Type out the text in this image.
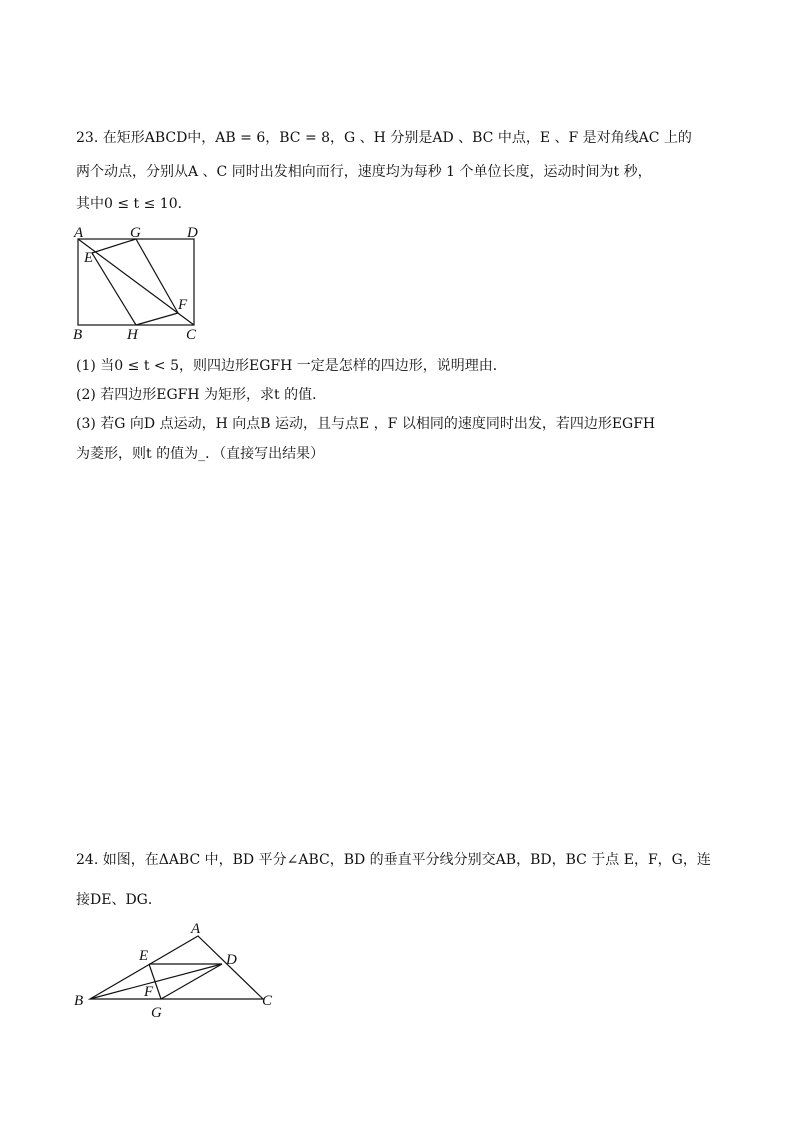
23. 在矩形ABCD中，AB = 6，BC = 8，G 、H 分别是AD 、BC 中点，E 、F 是对角线AC 上的
两个动点，分别从A 、C 同时出发相向而行，速度均为每秒 1 个单位长度，运动时间为t 秒，
其中0 ≤ t ≤ 10．
A	G	D
E
F
B	H	C
A
E	D
F
B
G
C
(1) 当0 ≤ t < 5，则四边形EGFH 一定是怎样的四边形，说明理由．
(2) 若四边形EGFH 为矩形，求t 的值．
(3) 若G 向D 点运动，H 向点B 运动，且与点E ，F 以相同的速度同时出发，若四边形EGFH
为菱形，则t 的值为_．（直接写出结果）
24. 如图，在ΔABC 中，BD 平分∠ABC，BD 的垂直平分线分别交AB，BD，BC 于点 E，F，G，连
接DE、DG．
